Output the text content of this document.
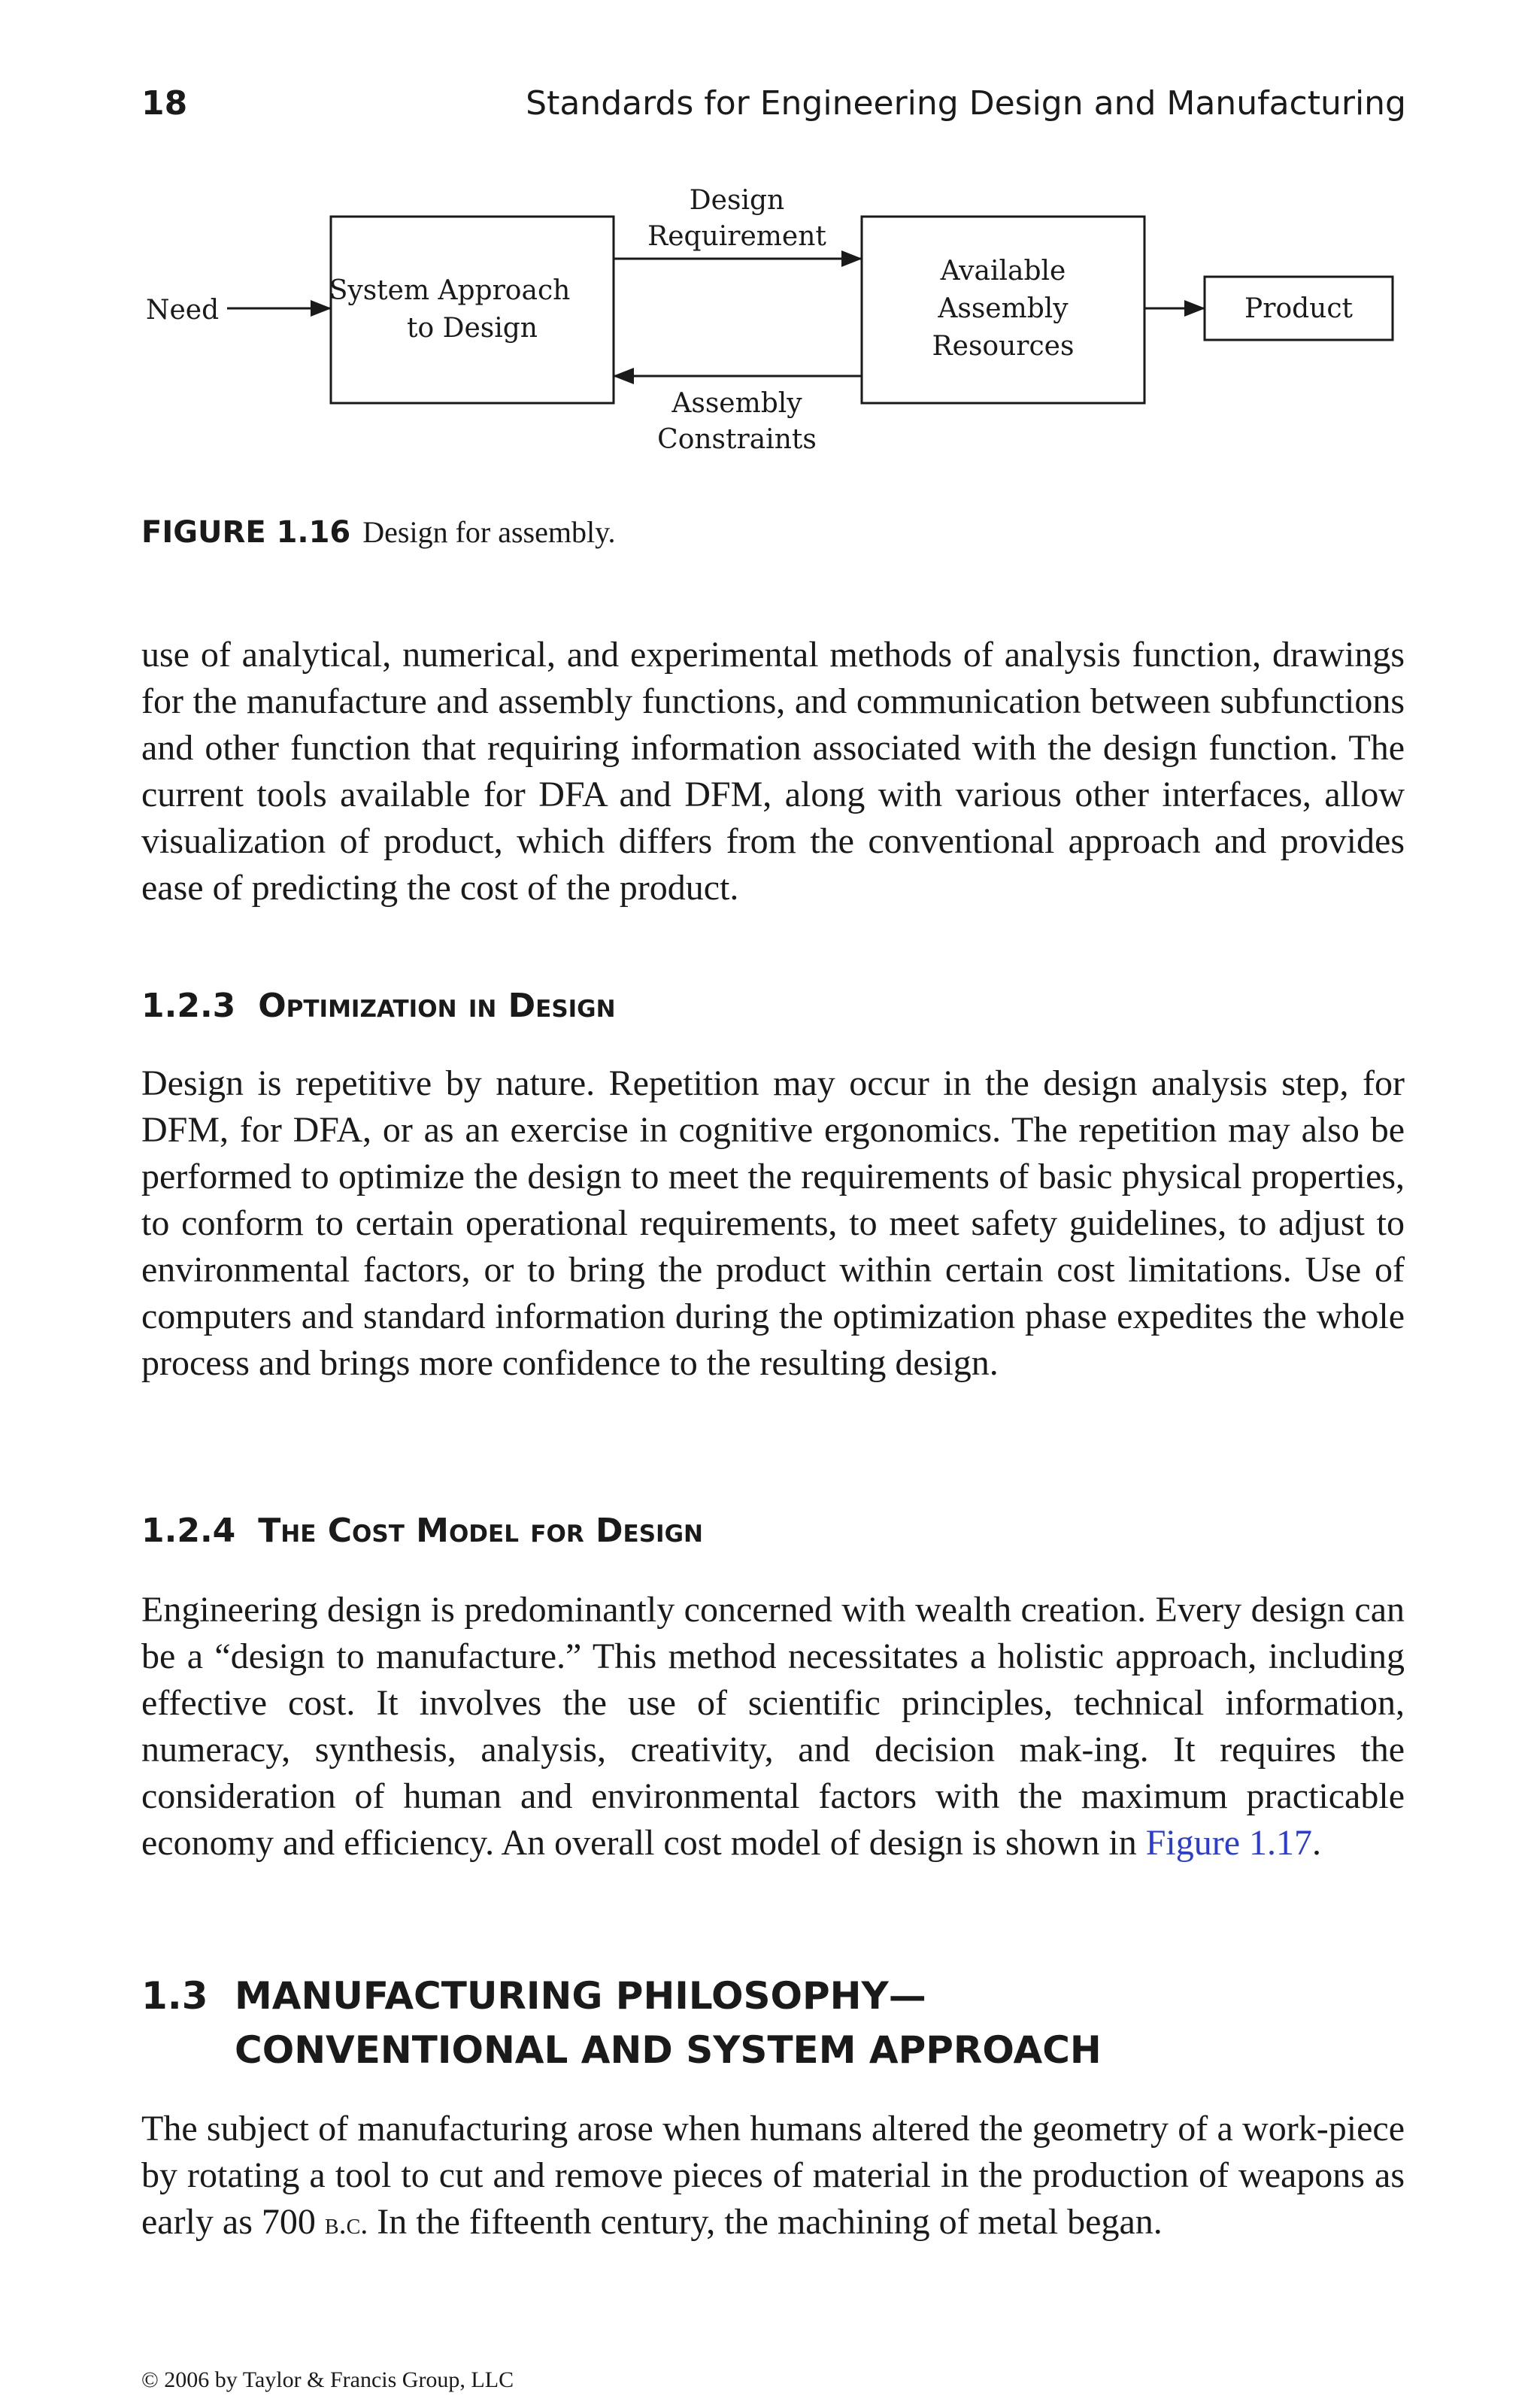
18	Standards for Engineering Design and Manufacturing
Need
System Approach
to Design
Design
Requirement
Assembly
Constraints
Available
Assembly
Resources
Product
FIGURE 1.16 Design for assembly.

use of analytical, numerical, and experimental methods of analysis function, drawings for the manufacture and assembly functions, and communication between subfunctions and other function that requiring information associated with the design function. The current tools available for DFA and DFM, along with various other interfaces, allow visualization of product, which differs from the conventional approach and provides ease of predicting the cost of the product.

1.2.3 Optimization in Design

Design is repetitive by nature. Repetition may occur in the design analysis step, for DFM, for DFA, or as an exercise in cognitive ergonomics. The repetition may also be performed to optimize the design to meet the requirements of basic physical properties, to conform to certain operational requirements, to meet safety guidelines, to adjust to environmental factors, or to bring the product within certain cost limitations. Use of computers and standard information during the optimization phase expedites the whole process and brings more confidence to the resulting design.

1.2.4 The Cost Model for Design

Engineering design is predominantly concerned with wealth creation. Every design can be a “design to manufacture.” This method necessitates a holistic approach, including effective cost. It involves the use of scientific principles, technical information, numeracy, synthesis, analysis, creativity, and decision mak-ing. It requires the consideration of human and environmental factors with the maximum practicable economy and efficiency. An overall cost model of design is shown in Figure 1.17.

1.3 MANUFACTURING PHILOSOPHY—
CONVENTIONAL AND SYSTEM APPROACH

The subject of manufacturing arose when humans altered the geometry of a work-piece by rotating a tool to cut and remove pieces of material in the production of weapons as early as 700 b.c. In the fifteenth century, the machining of metal began.

© 2006 by Taylor & Francis Group, LLC
